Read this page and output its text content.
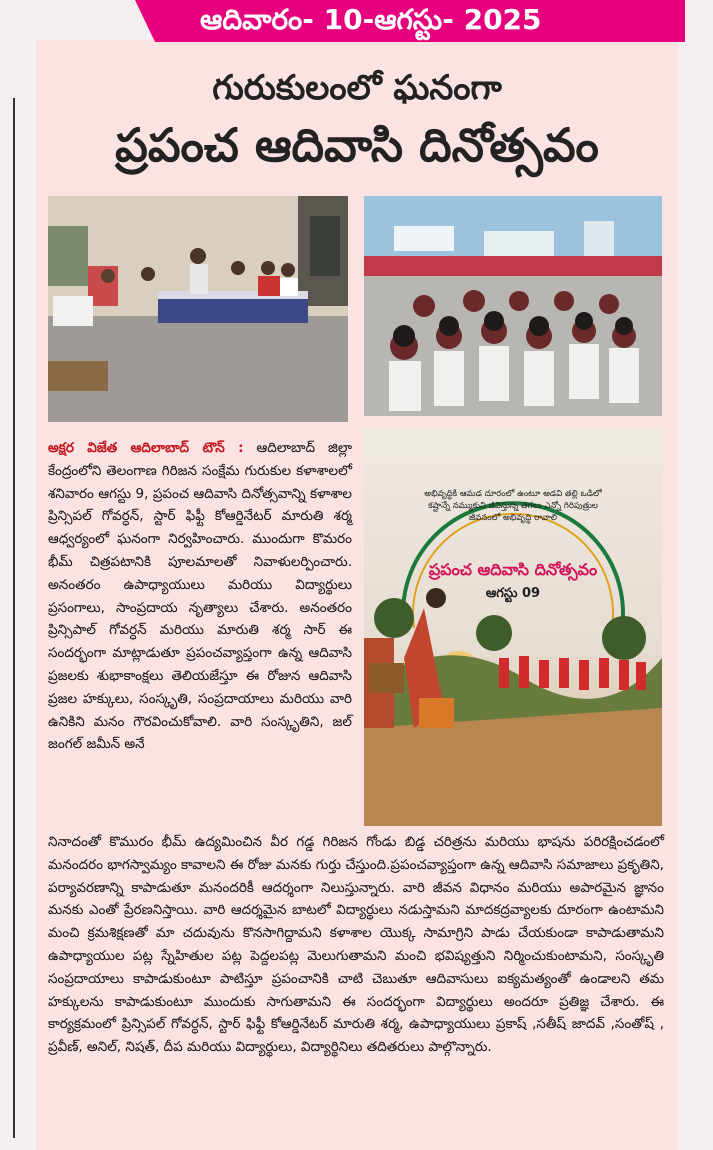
ఆదివారం- 10-ఆగస్టు- 2025
గురుకులంలో ఘనంగా
ప్రపంచ ఆదివాసి దినోత్సవం
అభివృద్ధికి ఆమడ దూరంలో ఉంటూ అడవి తల్లి ఒడిలో కష్టాన్నే నమ్ముకుని జీవిస్తున్న తెగలు ఎన్నో గిరిపుత్రుల జీవనంలో అభివృద్ధి రావాలి
ప్రపంచ ఆదివాసి దినోత్సవం
ఆగస్టు 09
అక్షర విజేత ఆదిలాబాద్ టౌన్ : ఆదిలాబాద్ జిల్లా కేంద్రంలోని తెలంగాణ గిరిజన సంక్షేమ గురుకుల కళాశాలలో శనివారం ఆగస్టు 9, ప్రపంచ ఆదివాసి దినోత్సవాన్ని కళాశాల ప్రిన్సిపల్ గోవర్ధన్, స్టార్ ఫిఫ్టీ కోఆర్డినేటర్ మారుతి శర్మ ఆధ్వర్యంలో ఘనంగా నిర్వహించారు. ముందుగా కొమరం భీమ్ చిత్రపటానికి పూలమాలతో నివాళులర్పించారు. అనంతరం ఉపాధ్యాయులు మరియు విద్యార్థులు ప్రసంగాలు, సాంప్రదాయ నృత్యాలు చేశారు. అనంతరం ప్రిన్సిపాల్ గోవర్ధన్ మరియు మారుతి శర్మ సార్ ఈ సందర్భంగా మాట్లాడుతూ ప్రపంచవ్యాప్తంగా ఉన్న ఆదివాసి ప్రజలకు శుభాకాంక్షలు తెలియజేస్తూ ఈ రోజున ఆదివాసి ప్రజల హక్కులు, సంస్కృతి, సంప్రదాయాలు మరియు వారి ఉనికిని మనం గౌరవించుకోవాలి. వారి సంస్కృతిని, జల్ జంగల్ జమీన్ అనే
నినాదంతో కొమురం భీమ్ ఉద్యమించిన వీర గడ్డ గిరిజన గోండు బిడ్డ చరిత్రను మరియు భాషను పరిరక్షించడంలో మనందరం భాగస్వామ్యం కావాలని ఈ రోజు మనకు గుర్తు చేస్తుంది.ప్రపంచవ్యాప్తంగా ఉన్న ఆదివాసి సమాజాలు ప్రకృతిని, పర్యావరణాన్ని కాపాడుతూ మనందరికీ ఆదర్శంగా నిలుస్తున్నారు. వారి జీవన విధానం మరియు అపారమైన జ్ఞానం మనకు ఎంతో ప్రేరణనిస్తాయి. వారి ఆదర్శమైన బాటలో విద్యార్థులు నడుస్తామని మాదకద్రవ్యాలకు దూరంగా ఉంటామని మంచి క్రమశిక్షణతో మా చదువును కొనసాగిద్దామని కళాశాల యొక్క సామాగ్రిని పాడు చేయకుండా కాపాడుతామని ఉపాధ్యాయుల పట్ల స్నేహితుల పట్ల పెద్దలపట్ల మెలుగుతామని మంచి భవిష్యత్తుని నిర్మించుకుంటామని, సంస్కృతి సంప్రదాయాలు కాపాడుకుంటూ పాటిస్తూ ప్రపంచానికి చాటి చెబుతూ ఆదివాసులు ఐక్యమత్యంతో ఉండాలని తమ హక్కులను కాపాడుకుంటూ ముందుకు సాగుతామని ఈ సందర్భంగా విద్యార్థులు అందరూ ప్రతిజ్ఞ చేశారు. ఈ కార్యక్రమంలో ప్రిన్సిపల్ గోవర్ధన్, స్టార్ ఫిఫ్టీ కోఆర్డినేటర్ మారుతి శర్మ, ఉపాధ్యాయులు ప్రకాష్ ,సతీష్ జాదవ్ ,సంతోష్ , ప్రవీణ్, అనిల్, నిషత్, దీప మరియు విద్యార్థులు, విద్యార్థినిలు తదితరులు పాల్గొన్నారు.
